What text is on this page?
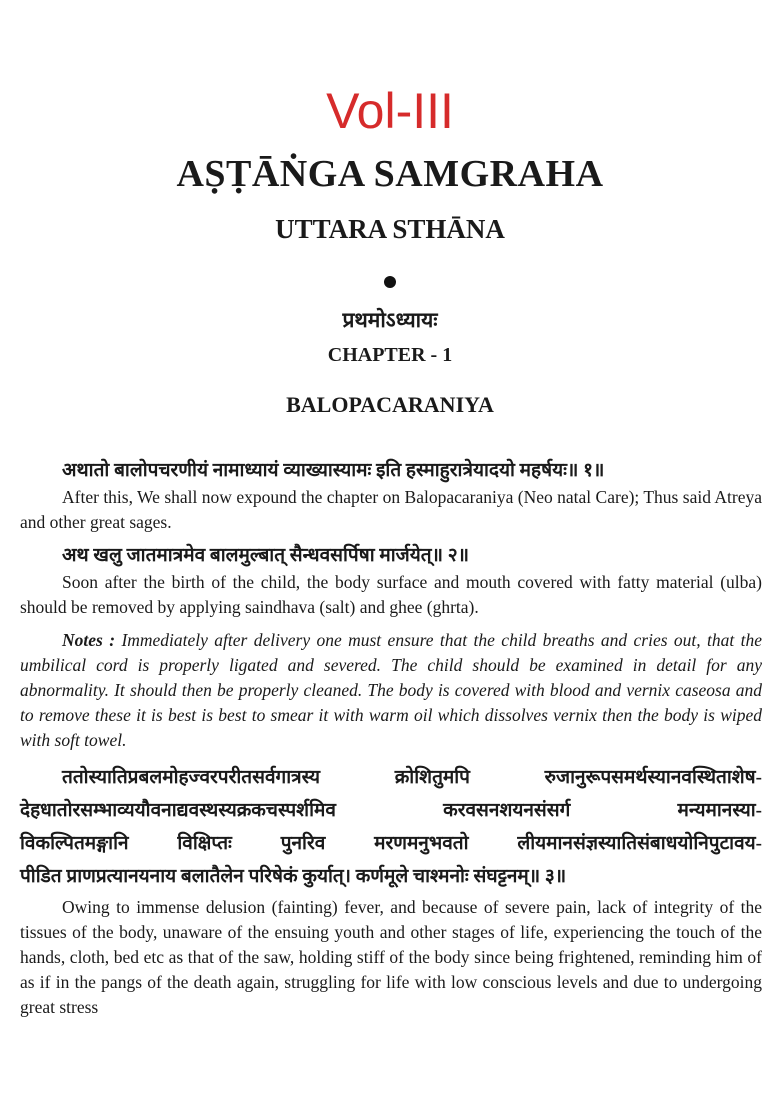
Vol-III
AṢṬĀṄGA SAMGRAHA
UTTARA STHĀNA
प्रथमोऽध्यायः
CHAPTER - 1
BALOPACARANIYA
अथातो बालोपचरणीयं नामाध्यायं व्याख्यास्यामः इति हस्माहुरात्रेयादयो महर्षयः॥ १॥

After this, We shall now expound the chapter on Balopacaraniya (Neo natal Care); Thus said Atreya and other great sages.

अथ खलु जातमात्रमेव बालमुल्बात् सैन्धवसर्पिषा मार्जयेत्॥ २॥

Soon after the birth of the child, the body surface and mouth covered with fatty material (ulba) should be removed by applying saindhava (salt) and ghee (ghrta).

Notes : Immediately after delivery one must ensure that the child breaths and cries out, that the umbilical cord is properly ligated and severed. The child should be examined in detail for any abnormality. It should then be properly cleaned. The body is covered with blood and vernix caseosa and to remove these it is best is best to smear it with warm oil which dissolves vernix then the body is wiped with soft towel.

ततोस्यातिप्रबलमोहज्वरपरीतसर्वगात्रस्य क्रोशितुमपि रुजानुरूपसमर्थस्यानवस्थिताशेष-
देहधातोरसम्भाव्ययौवनाद्यवस्थस्यक्रकचस्पर्शमिव करवसनशयनसंसर्ग मन्यमानस्या-
विकल्पितमङ्गानि विक्षिप्तः पुनरिव मरणमनुभवतो लीयमानसंज्ञस्यातिसंबाधयोनिपुटावय-
पीडित प्राणप्रत्यानयनाय बलातैलेन परिषेकं कुर्यात्। कर्णमूले चाश्मनोः संघट्टनम्॥ ३॥

Owing to immense delusion (fainting) fever, and because of severe pain, lack of integrity of the tissues of the body, unaware of the ensuing youth and other stages of life, experiencing the touch of the hands, cloth, bed etc as that of the saw, holding stiff of the body since being frightened, reminding him of as if in the pangs of the death again, struggling for life with low conscious levels and due to undergoing great stress
